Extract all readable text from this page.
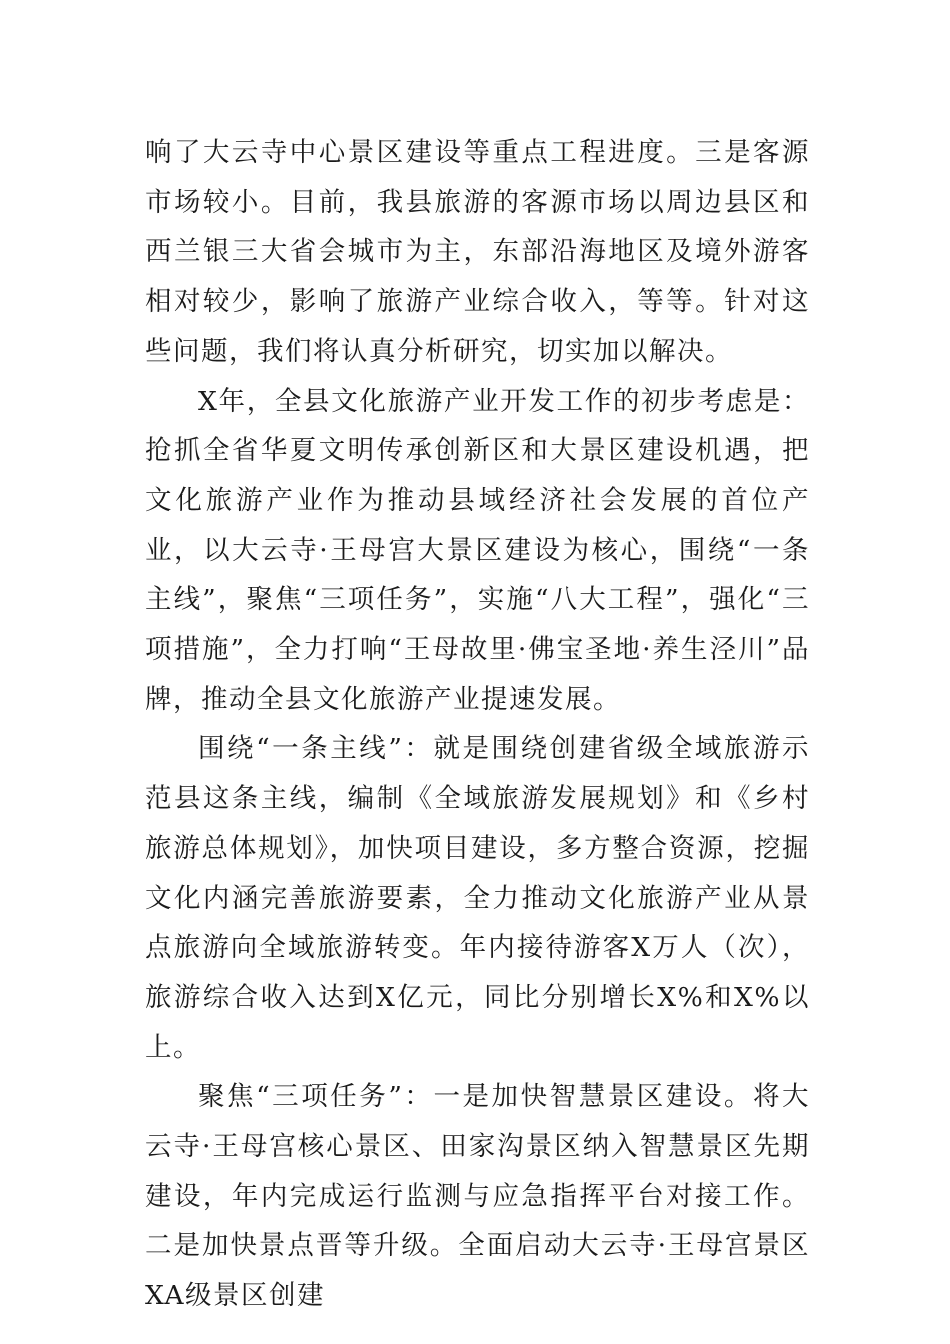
响了大云寺中心景区建设等重点工程进度。三是客源市场较小。目前，我县旅游的客源市场以周边县区和西兰银三大省会城市为主，东部沿海地区及境外游客相对较少，影响了旅游产业综合收入，等等。针对这些问题，我们将认真分析研究，切实加以解决。

X年，全县文化旅游产业开发工作的初步考虑是：抢抓全省华夏文明传承创新区和大景区建设机遇，把文化旅游产业作为推动县域经济社会发展的首位产业，以大云寺·王母宫大景区建设为核心，围绕“一条主线”，聚焦“三项任务”，实施“八大工程”，强化“三项措施”，全力打响“王母故里·佛宝圣地·养生泾川”品牌，推动全县文化旅游产业提速发展。

围绕“一条主线”：就是围绕创建省级全域旅游示范县这条主线，编制《全域旅游发展规划》和《乡村旅游总体规划》，加快项目建设，多方整合资源，挖掘文化内涵完善旅游要素，全力推动文化旅游产业从景点旅游向全域旅游转变。年内接待游客X万人（次），旅游综合收入达到X亿元，同比分别增长X%和X%以上。

聚焦“三项任务”：一是加快智慧景区建设。将大云寺·王母宫核心景区、田家沟景区纳入智慧景区先期建设，年内完成运行监测与应急指挥平台对接工作。二是加快景点晋等升级。全面启动大云寺·王母宫景区XA级景区创建
